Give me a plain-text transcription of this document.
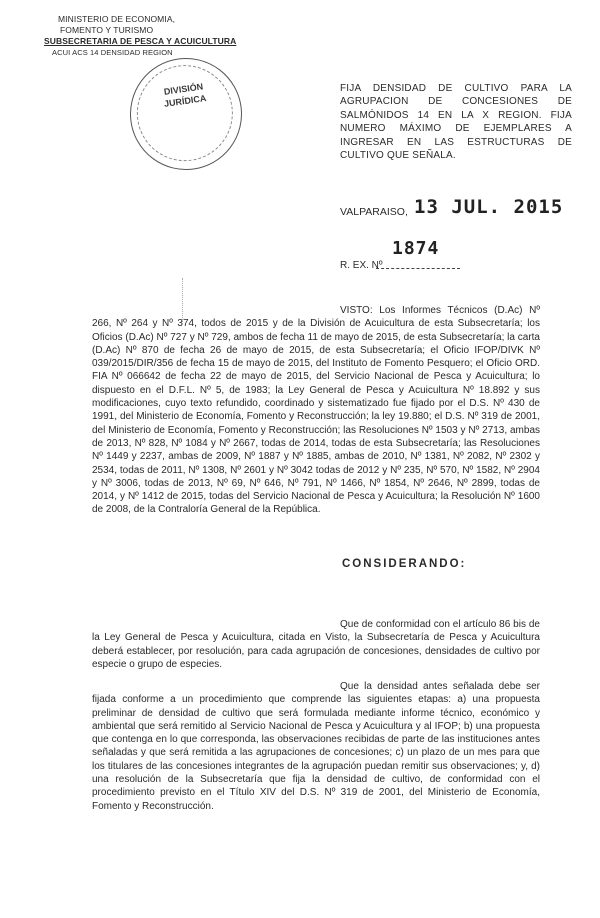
MINISTERIO DE ECONOMIA,
FOMENTO Y TURISMO
SUBSECRETARIA DE PESCA Y ACUICULTURA
ACUI ACS 14 DENSIDAD REGION
DIVISIÓN
JURÍDICA
FIJA DENSIDAD DE CULTIVO PARA LA AGRUPACION DE CONCESIONES DE SALMÓNIDOS 14 EN LA X REGION. FIJA NUMERO MÁXIMO DE EJEMPLARES A INGRESAR EN LAS ESTRUCTURAS DE CULTIVO QUE SEÑALA.
VALPARAISO, 13 JUL. 2015
1874
R. EX. Nº
VISTO: Los Informes Técnicos (D.Ac) Nº 266, Nº 264 y Nº 374, todos de 2015 y de la División de Acuicultura de esta Subsecretaría; los Oficios (D.Ac) Nº 727 y Nº 729, ambos de fecha 11 de mayo de 2015, de esta Subsecretaría; la carta (D.Ac) Nº 870 de fecha 26 de mayo de 2015, de esta Subsecretaría; el Oficio IFOP/DIVK Nº 039/2015/DIR/356 de fecha 15 de mayo de 2015, del Instituto de Fomento Pesquero; el Oficio ORD. FIA Nº 066642 de fecha 22 de mayo de 2015, del Servicio Nacional de Pesca y Acuicultura; lo dispuesto en el D.F.L. Nº 5, de 1983; la Ley General de Pesca y Acuicultura Nº 18.892 y sus modificaciones, cuyo texto refundido, coordinado y sistematizado fue fijado por el D.S. Nº 430 de 1991, del Ministerio de Economía, Fomento y Reconstrucción; la ley 19.880; el D.S. Nº 319 de 2001, del Ministerio de Economía, Fomento y Reconstrucción; las Resoluciones Nº 1503 y Nº 2713, ambas de 2013, Nº 828, Nº 1084 y Nº 2667, todas de 2014, todas de esta Subsecretaría; las Resoluciones Nº 1449 y 2237, ambas de 2009, Nº 1887 y Nº 1885, ambas de 2010, Nº 1381, Nº 2082, Nº 2302 y 2534, todas de 2011, Nº 1308, Nº 2601 y Nº 3042 todas de 2012 y Nº 235, Nº 570, Nº 1582, Nº 2904 y Nº 3006, todas de 2013, Nº 69, Nº 646, Nº 791, Nº 1466, Nº 1854, Nº 2646, Nº 2899, todas de 2014, y Nº 1412 de 2015, todas del Servicio Nacional de Pesca y Acuicultura; la Resolución Nº 1600 de 2008, de la Contraloría General de la República.
CONSIDERANDO:
Que de conformidad con el artículo 86 bis de la Ley General de Pesca y Acuicultura, citada en Visto, la Subsecretaría de Pesca y Acuicultura deberá establecer, por resolución, para cada agrupación de concesiones, densidades de cultivo por especie o grupo de especies.
Que la densidad antes señalada debe ser fijada conforme a un procedimiento que comprende las siguientes etapas: a) una propuesta preliminar de densidad de cultivo que será formulada mediante informe técnico, económico y ambiental que será remitido al Servicio Nacional de Pesca y Acuicultura y al IFOP; b) una propuesta que contenga en lo que corresponda, las observaciones recibidas de parte de las instituciones antes señaladas y que será remitida a las agrupaciones de concesiones; c) un plazo de un mes para que los titulares de las concesiones integrantes de la agrupación puedan remitir sus observaciones; y, d) una resolución de la Subsecretaría que fija la densidad de cultivo, de conformidad con el procedimiento previsto en el Título XIV del D.S. Nº 319 de 2001, del Ministerio de Economía, Fomento y Reconstrucción.
